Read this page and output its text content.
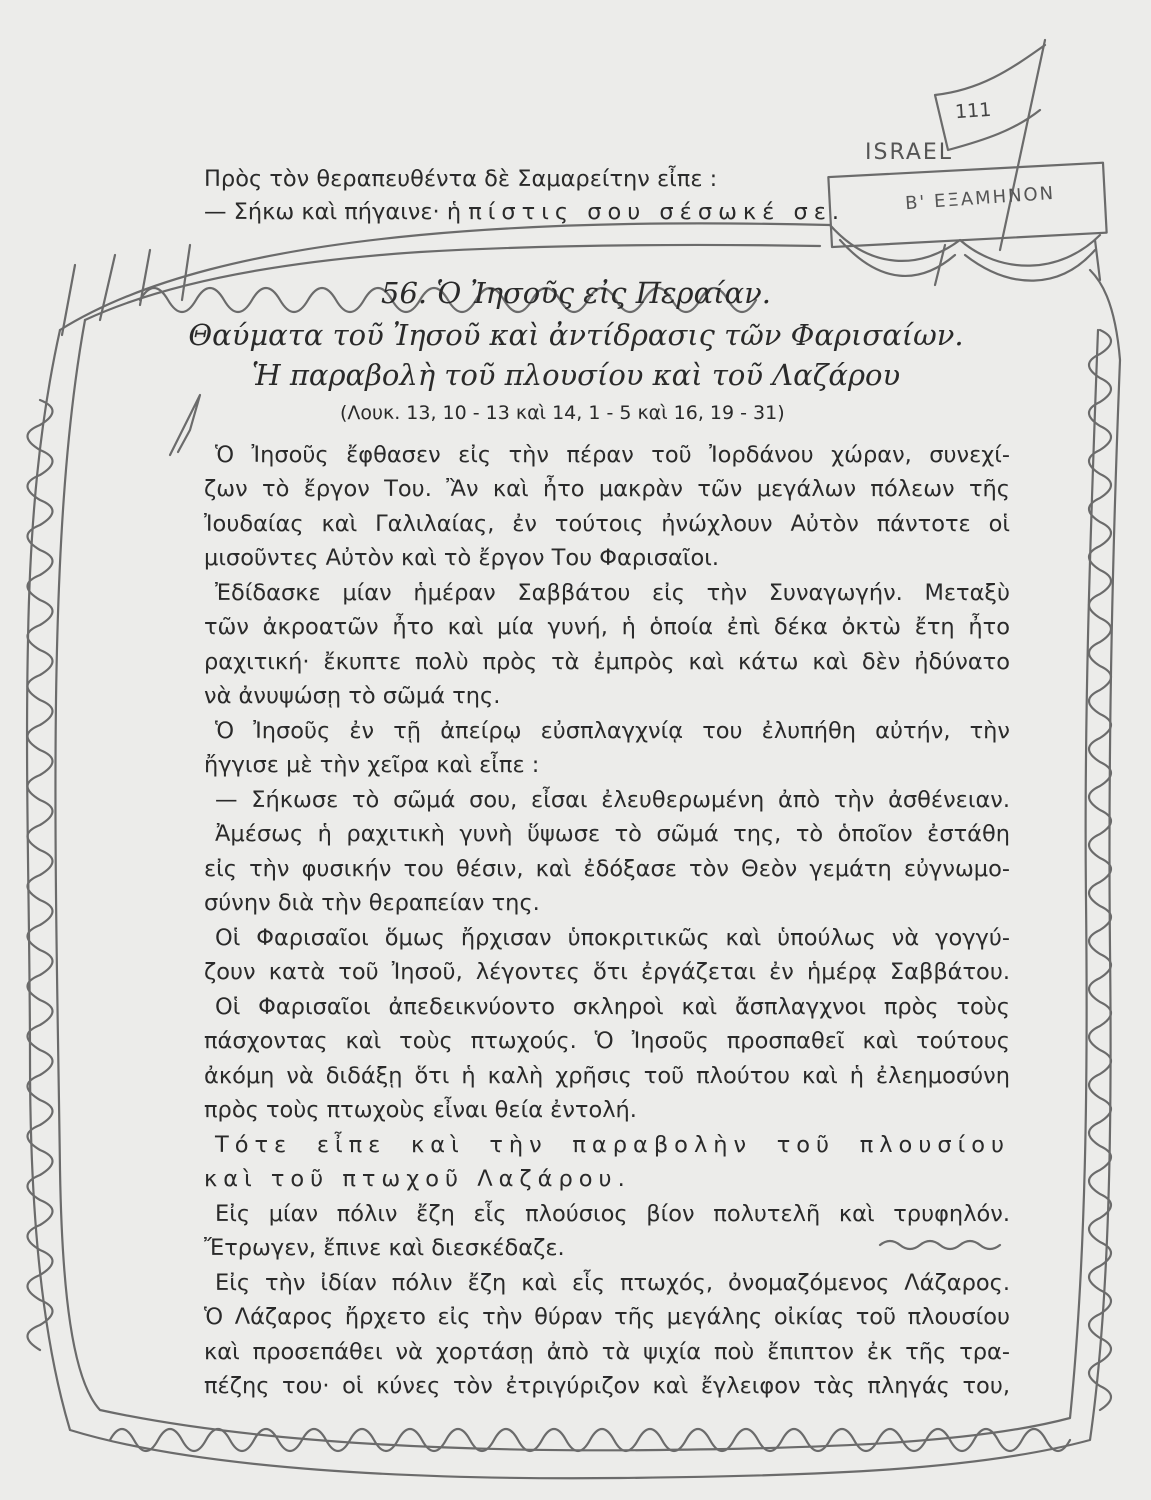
111
ISRAEL
Β' ΕΞΑΜΗΝΟΝ
Πρὸς τὸν θεραπευθέντα δὲ Σαμαρείτην εἶπε :
— Σήκω καὶ πήγαινε· ἡ πίστις σου σέσωκέ σε.
56. Ὁ Ἰησοῦς εἰς Περαίαν.
Θαύματα τοῦ Ἰησοῦ καὶ ἀντίδρασις τῶν Φαρισαίων.
Ἡ παραβολὴ τοῦ πλουσίου καὶ τοῦ Λαζάρου
(Λουκ. 13, 10 - 13 καὶ 14, 1 - 5 καὶ 16, 19 - 31)
Ὁ Ἰησοῦς ἔφθασεν εἰς τὴν πέραν τοῦ Ἰορδάνου χώραν, συνεχί-
ζων τὸ ἔργον Του. Ἂν καὶ ἦτο μακρὰν τῶν μεγάλων πόλεων τῆς
Ἰουδαίας καὶ Γαλιλαίας, ἐν τούτοις ἠνώχλουν Αὐτὸν πάντοτε οἱ
μισοῦντες Αὐτὸν καὶ τὸ ἔργον Του Φαρισαῖοι.
Ἐδίδασκε μίαν ἡμέραν Σαββάτου εἰς τὴν Συναγωγήν. Μεταξὺ
τῶν ἀκροατῶν ἦτο καὶ μία γυνή, ἡ ὁποία ἐπὶ δέκα ὀκτὼ ἔτη ἦτο
ραχιτική· ἔκυπτε πολὺ πρὸς τὰ ἐμπρὸς καὶ κάτω καὶ δὲν ἠδύνατο
νὰ ἀνυψώσῃ τὸ σῶμά της.
Ὁ Ἰησοῦς ἐν τῇ ἀπείρῳ εὐσπλαγχνίᾳ του ἐλυπήθη αὐτήν, τὴν
ἤγγισε μὲ τὴν χεῖρα καὶ εἶπε :
— Σήκωσε τὸ σῶμά σου, εἶσαι ἐλευθερωμένη ἀπὸ τὴν ἀσθένειαν.
Ἀμέσως ἡ ραχιτικὴ γυνὴ ὕψωσε τὸ σῶμά της, τὸ ὁποῖον ἐστάθη
εἰς τὴν φυσικήν του θέσιν, καὶ ἐδόξασε τὸν Θεὸν γεμάτη εὐγνωμο-
σύνην διὰ τὴν θεραπείαν της.
Οἱ Φαρισαῖοι ὅμως ἤρχισαν ὑποκριτικῶς καὶ ὑπούλως νὰ γογγύ-
ζουν κατὰ τοῦ Ἰησοῦ, λέγοντες ὅτι ἐργάζεται ἐν ἡμέρᾳ Σαββάτου.
Οἱ Φαρισαῖοι ἀπεδεικνύοντο σκληροὶ καὶ ἄσπλαγχνοι πρὸς τοὺς
πάσχοντας καὶ τοὺς πτωχούς. Ὁ Ἰησοῦς προσπαθεῖ καὶ τούτους
ἀκόμη νὰ διδάξῃ ὅτι ἡ καλὴ χρῆσις τοῦ πλούτου καὶ ἡ ἐλεημοσύνη
πρὸς τοὺς πτωχοὺς εἶναι θεία ἐντολή.
Τότε εἶπε καὶ τὴν παραβολὴν τοῦ πλουσίου
καὶ τοῦ πτωχοῦ Λαζάρου.
Εἰς μίαν πόλιν ἔζη εἷς πλούσιος βίον πολυτελῆ καὶ τρυφηλόν.
Ἔτρωγεν, ἔπινε καὶ διεσκέδαζε.
Εἰς τὴν ἰδίαν πόλιν ἔζη καὶ εἷς πτωχός, ὀνομαζόμενος Λάζαρος.
Ὁ Λάζαρος ἤρχετο εἰς τὴν θύραν τῆς μεγάλης οἰκίας τοῦ πλουσίου
καὶ προσεπάθει νὰ χορτάσῃ ἀπὸ τὰ ψιχία ποὺ ἔπιπτον ἐκ τῆς τρα-
πέζης του· οἱ κύνες τὸν ἐτριγύριζον καὶ ἔγλειφον τὰς πληγάς του,
